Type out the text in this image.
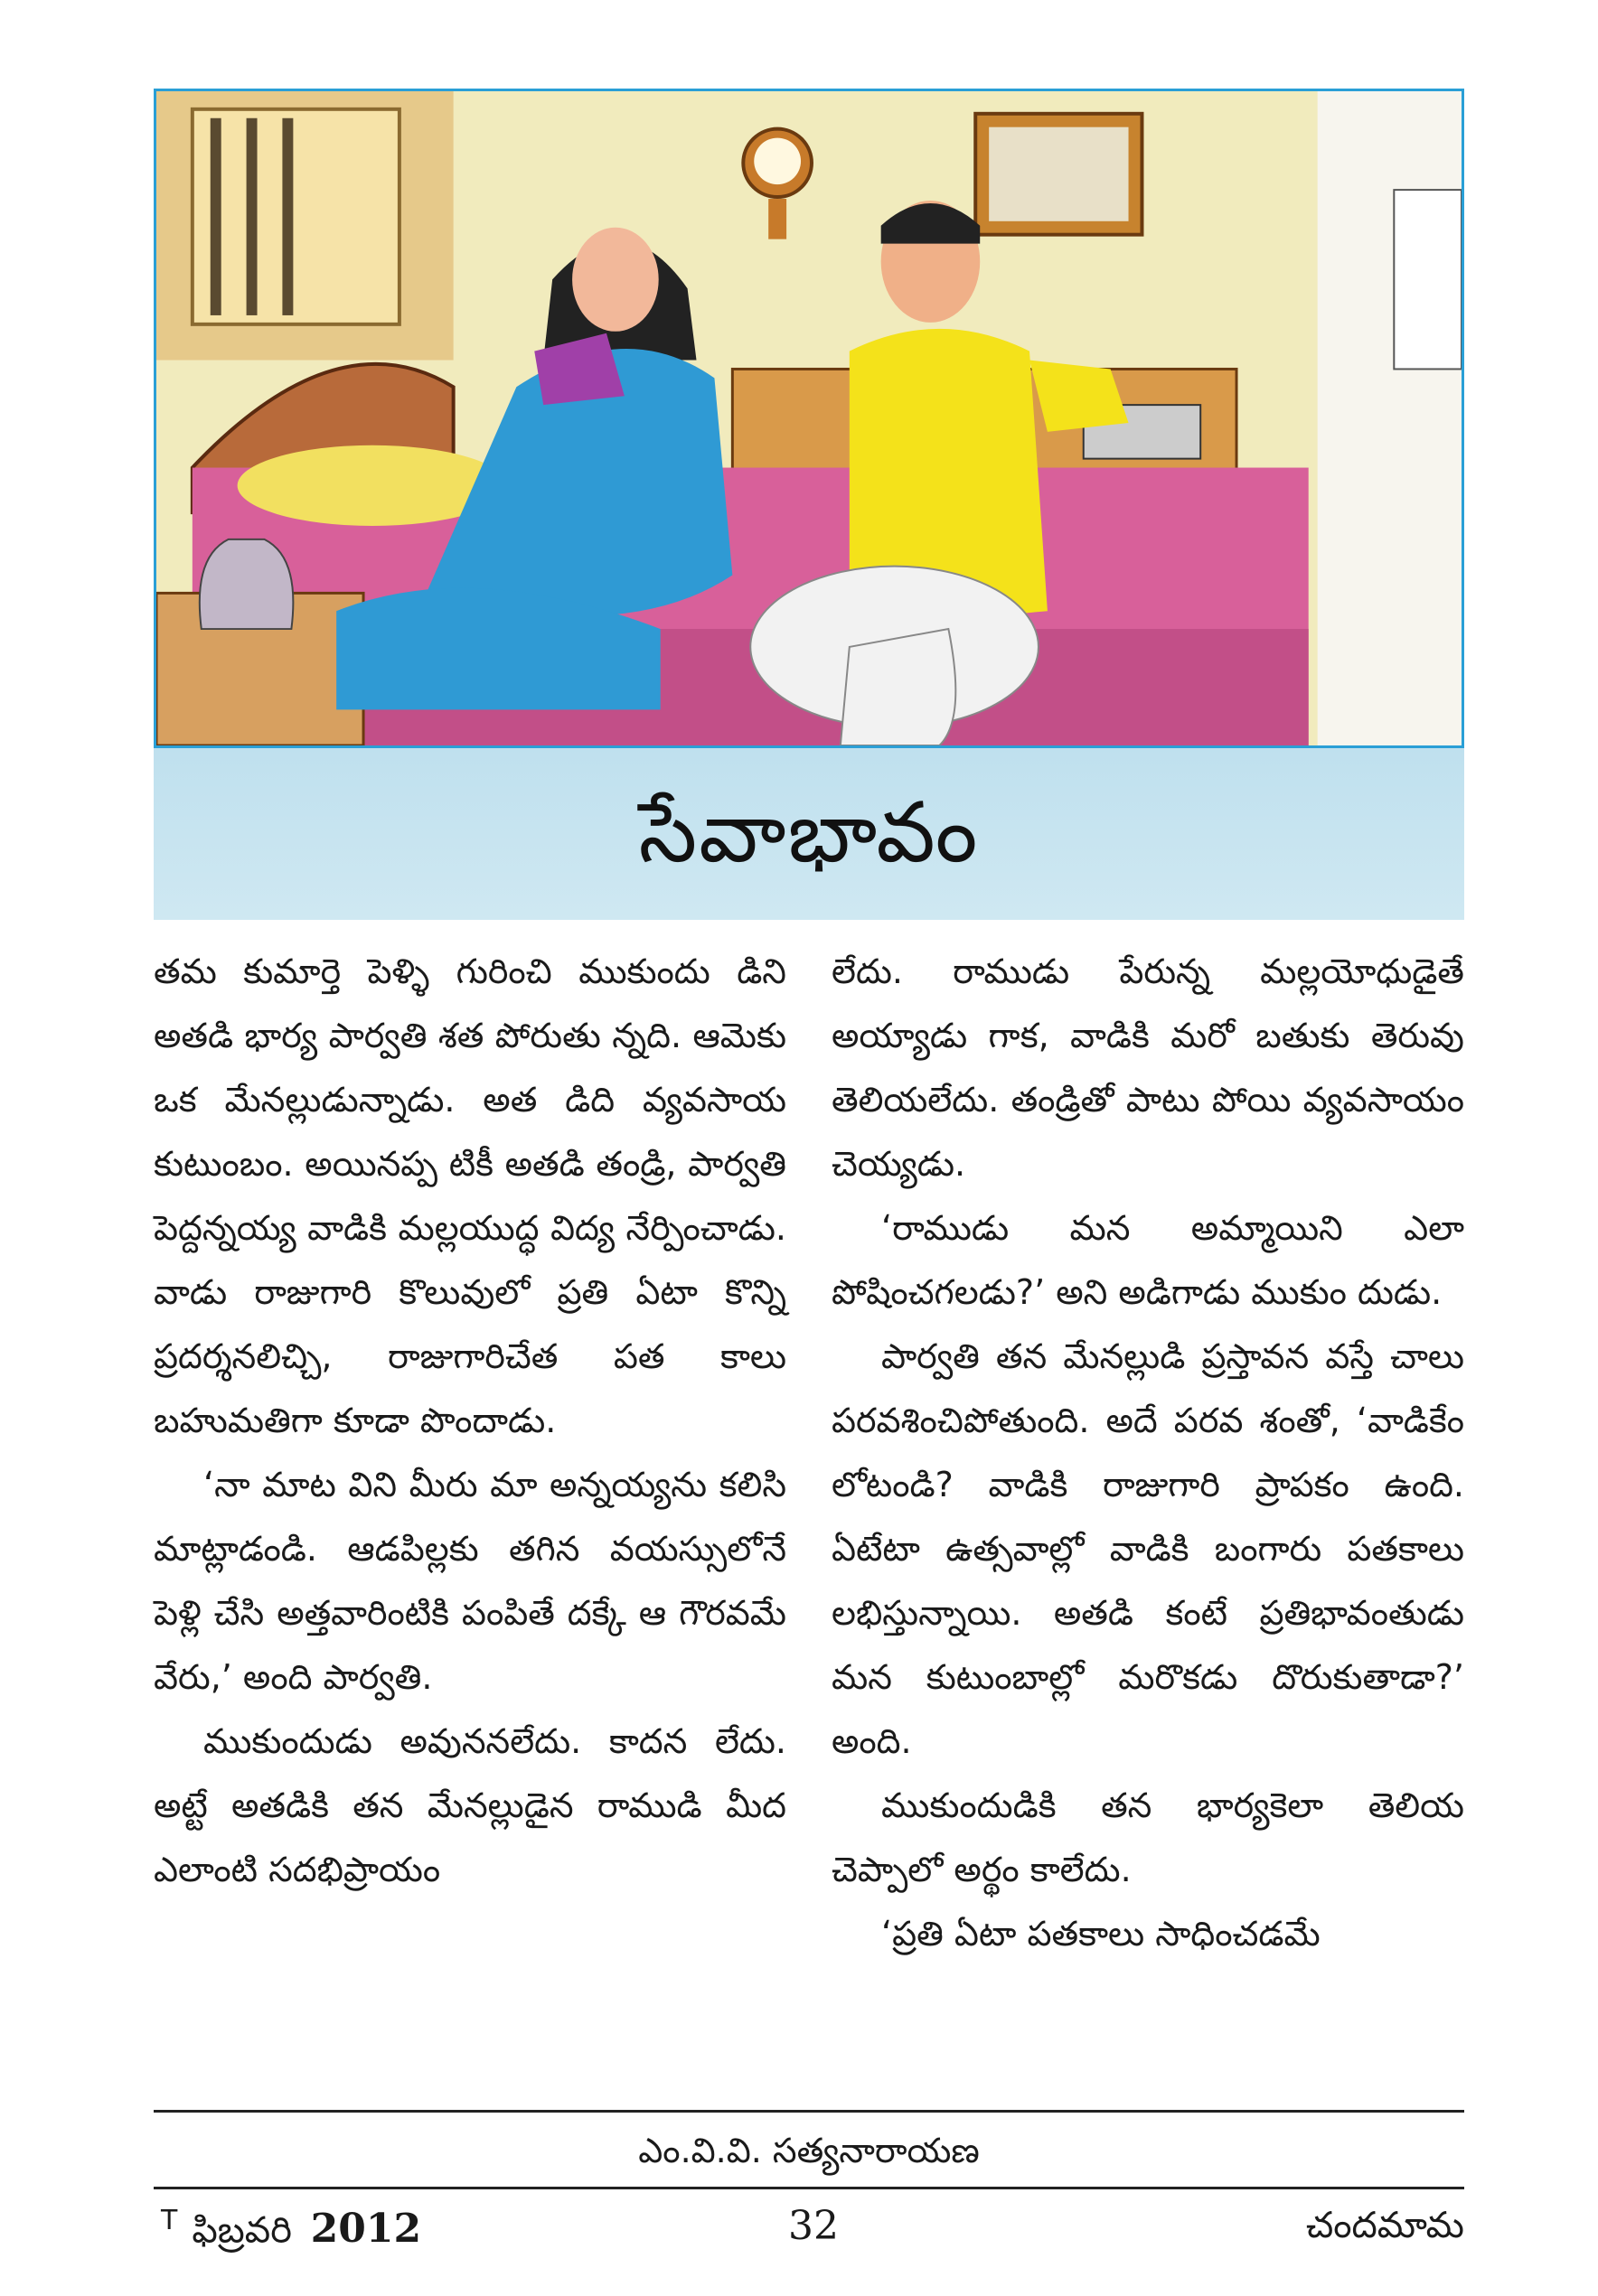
సేవాభావం

తమ కుమార్తె పెళ్ళి గురించి ముకుందు డిని అతడి భార్య పార్వతి శత పోరుతు న్నది. ఆమెకు ఒక మేనల్లుడున్నాడు. అత డిది వ్యవసాయ కుటుంబం. అయినప్ప టికీ అతడి తండ్రి, పార్వతి పెద్దన్నయ్య వాడికి మల్లయుద్ధ విద్య నేర్పించాడు. వాడు రాజుగారి కొలువులో ప్రతి ఏటా కొన్ని ప్రదర్శనలిచ్చి, రాజుగారిచేత పత కాలు బహుమతిగా కూడా పొందాడు.

‘నా మాట విని మీరు మా అన్నయ్యను కలిసి మాట్లాడండి. ఆడపిల్లకు తగిన వయస్సులోనే పెళ్లి చేసి అత్తవారింటికి పంపితే దక్కే ఆ గౌరవమే వేరు,’ అంది పార్వతి.

ముకుందుడు అవుననలేదు. కాదన లేదు. అట్టే అతడికి తన మేనల్లుడైన రాముడి మీద ఎలాంటి సదభిప్రాయం

లేదు. రాముడు పేరున్న మల్లయోధుడైతే అయ్యాడు గాక, వాడికి మరో బతుకు తెరువు తెలియలేదు. తండ్రితో పాటు పోయి వ్యవసాయం చెయ్యడు.

‘రాముడు మన అమ్మాయిని ఎలా పోషించగలడు?’ అని అడిగాడు ముకుం దుడు.

పార్వతి తన మేనల్లుడి ప్రస్తావన వస్తే చాలు పరవశించిపోతుంది. అదే పరవ శంతో, ‘వాడికేం లోటండి? వాడికి రాజుగారి ప్రాపకం ఉంది. ఏటేటా ఉత్సవాల్లో వాడికి బంగారు పతకాలు లభిస్తున్నాయి. అతడి కంటే ప్రతిభావంతుడు మన కుటుంబాల్లో మరొకడు దొరుకుతాడా?’ అంది.

ముకుందుడికి తన భార్యకెలా తెలియ చెప్పాలో అర్థం కాలేదు.

‘ప్రతి ఏటా పతకాలు సాధించడమే

ఎం.వి.వి. సత్యనారాయణ
$^T$ ఫిబ్రవరి 2012	32	చందమామ
